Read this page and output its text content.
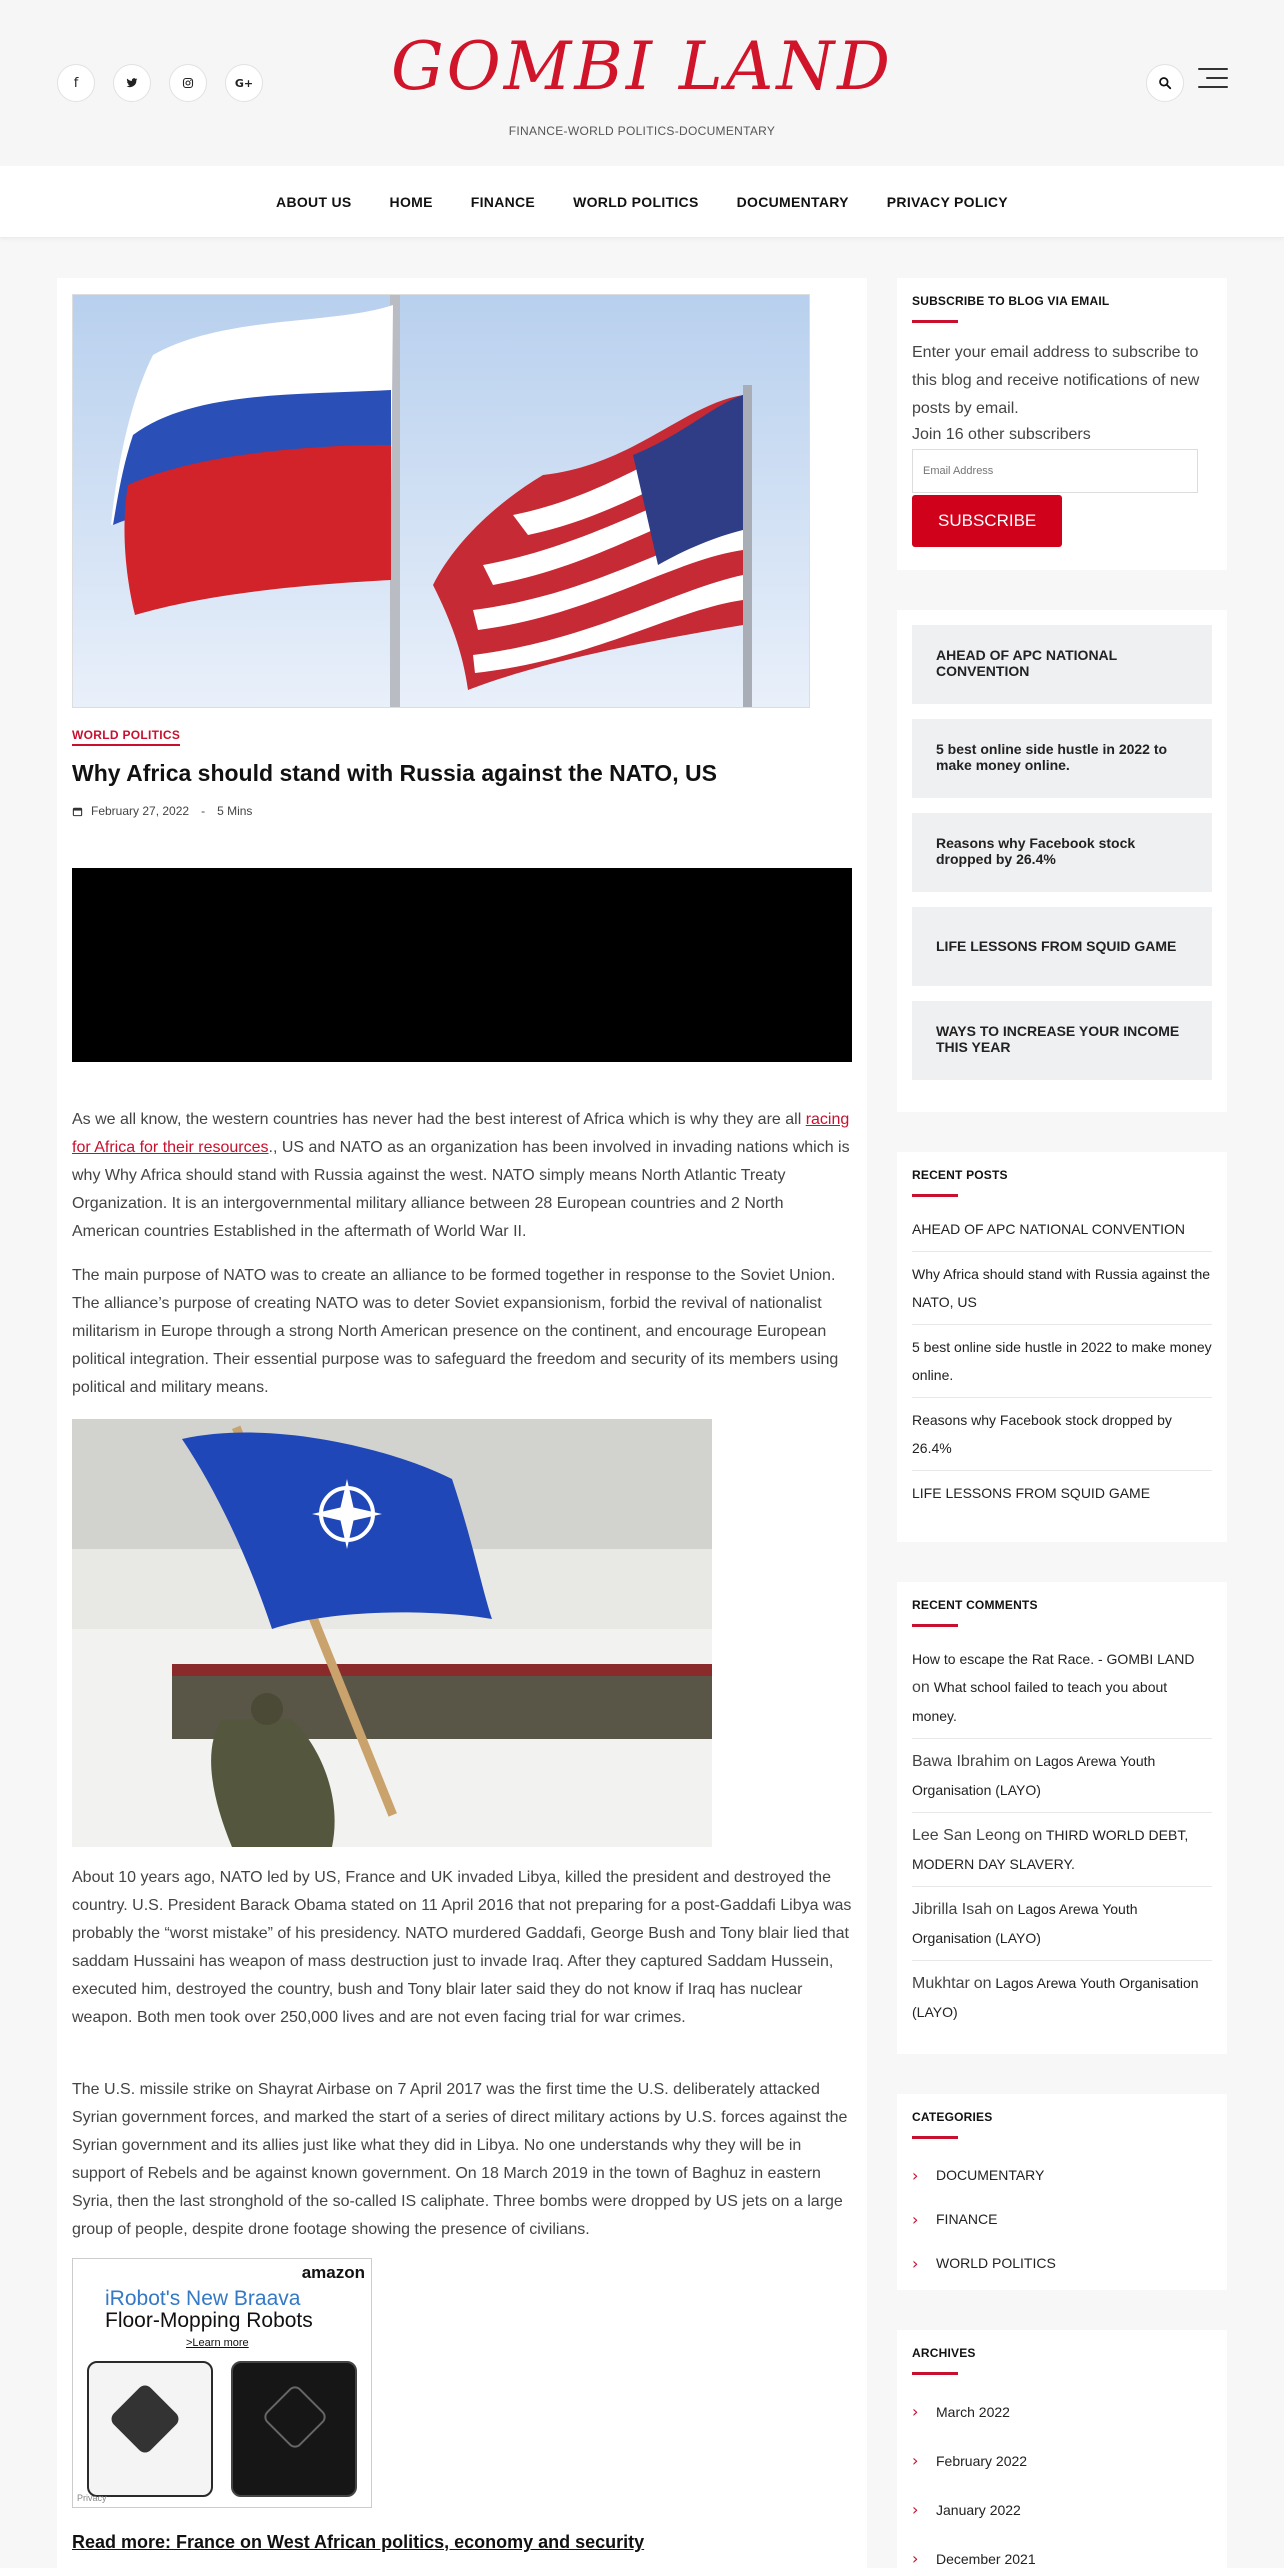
f	G+	GOMBI LAND
FINANCE-WORLD POLITICS-DOCUMENTARY
ABOUT US	HOME	FINANCE	WORLD POLITICS	DOCUMENTARY	PRIVACY POLICY
WORLD POLITICS
Why Africa should stand with Russia against the NATO, US
February 27, 2022 - 5 Mins

As we all know, the western countries has never had the best interest of Africa which is why they are all racing for Africa for their resources., US and NATO as an organization has been involved in invading nations which is why Why Africa should stand with Russia against the west. NATO simply means North Atlantic Treaty Organization. It is an intergovernmental military alliance between 28 European countries and 2 North American countries Established in the aftermath of World War II.

The main purpose of NATO was to create an alliance to be formed together in response to the Soviet Union. The alliance’s purpose of creating NATO was to deter Soviet expansionism, forbid the revival of nationalist militarism in Europe through a strong North American presence on the continent, and encourage European political integration. Their essential purpose was to safeguard the freedom and security of its members using political and military means.

About 10 years ago, NATO led by US, France and UK invaded Libya, killed the president and destroyed the country. U.S. President Barack Obama stated on 11 April 2016 that not preparing for a post-Gaddafi Libya was probably the “worst mistake” of his presidency. NATO murdered Gaddafi, George Bush and Tony blair lied that saddam Hussaini has weapon of mass destruction just to invade Iraq. After they captured Saddam Hussein, executed him, destroyed the country, bush and Tony blair later said they do not know if Iraq has nuclear weapon. Both men took over 250,000 lives and are not even facing trial for war crimes.

The U.S. missile strike on Shayrat Airbase on 7 April 2017 was the first time the U.S. deliberately attacked Syrian government forces, and marked the start of a series of direct military actions by U.S. forces against the Syrian government and its allies just like what they did in Libya. No one understands why they will be in support of Rebels and be against known government. On 18 March 2019 in the town of Baghuz in eastern Syria, then the last stronghold of the so-called IS caliphate. Three bombs were dropped by US jets on a large group of people, despite drone footage showing the presence of civilians.

amazon
iRobot's New Braava
Floor-Mopping Robots
>Learn more
Privacy
Read more: France on West African politics, economy and security
SUBSCRIBE TO BLOG VIA EMAIL
Enter your email address to subscribe to this blog and receive notifications of new posts by email.
Join 16 other subscribers
Email Address SUBSCRIBE
AHEAD OF APC NATIONAL CONVENTION
5 best online side hustle in 2022 to make money online.
Reasons why Facebook stock dropped by 26.4%
LIFE LESSONS FROM SQUID GAME
WAYS TO INCREASE YOUR INCOME THIS YEAR
RECENT POSTS
AHEAD OF APC NATIONAL CONVENTION
Why Africa should stand with Russia against the NATO, US
5 best online side hustle in 2022 to make money online.
Reasons why Facebook stock dropped by 26.4%
LIFE LESSONS FROM SQUID GAME
RECENT COMMENTS
How to escape the Rat Race. - GOMBI LAND on What school failed to teach you about money.
Bawa Ibrahim on Lagos Arewa Youth Organisation (LAYO)
Lee San Leong on THIRD WORLD DEBT, MODERN DAY SLAVERY.
Jibrilla Isah on Lagos Arewa Youth Organisation (LAYO)
Mukhtar on Lagos Arewa Youth Organisation (LAYO)
CATEGORIES
›	DOCUMENTARY
›	FINANCE
›	WORLD POLITICS
ARCHIVES
›	March 2022
›	February 2022
›	January 2022
›	December 2021
